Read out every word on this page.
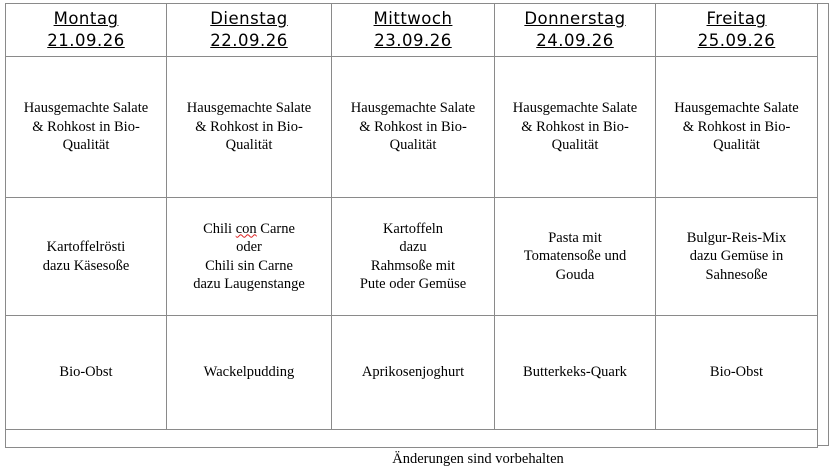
Montag
21.09.26	Dienstag
22.09.26	Mittwoch
23.09.26	Donnerstag
24.09.26	Freitag
25.09.26

Hausgemachte Salate
& Rohkost in Bio-
Qualität	Hausgemachte Salate
& Rohkost in Bio-
Qualität	Hausgemachte Salate
& Rohkost in Bio-
Qualität	Hausgemachte Salate
& Rohkost in Bio-
Qualität	Hausgemachte Salate
& Rohkost in Bio-
Qualität
Kartoffelrösti
dazu Käsesoße	Chili con Carne
oder
Chili sin Carne
dazu Laugenstange	Kartoffeln
dazu
Rahmsoße mit
Pute oder Gemüse	Pasta mit
Tomatensoße und
Gouda	Bulgur-Reis-Mix
dazu Gemüse in
Sahnesoße
Bio-Obst	Wackelpudding	Aprikosenjoghurt	Butterkeks-Quark	Bio-Obst

Änderungen sind vorbehalten
